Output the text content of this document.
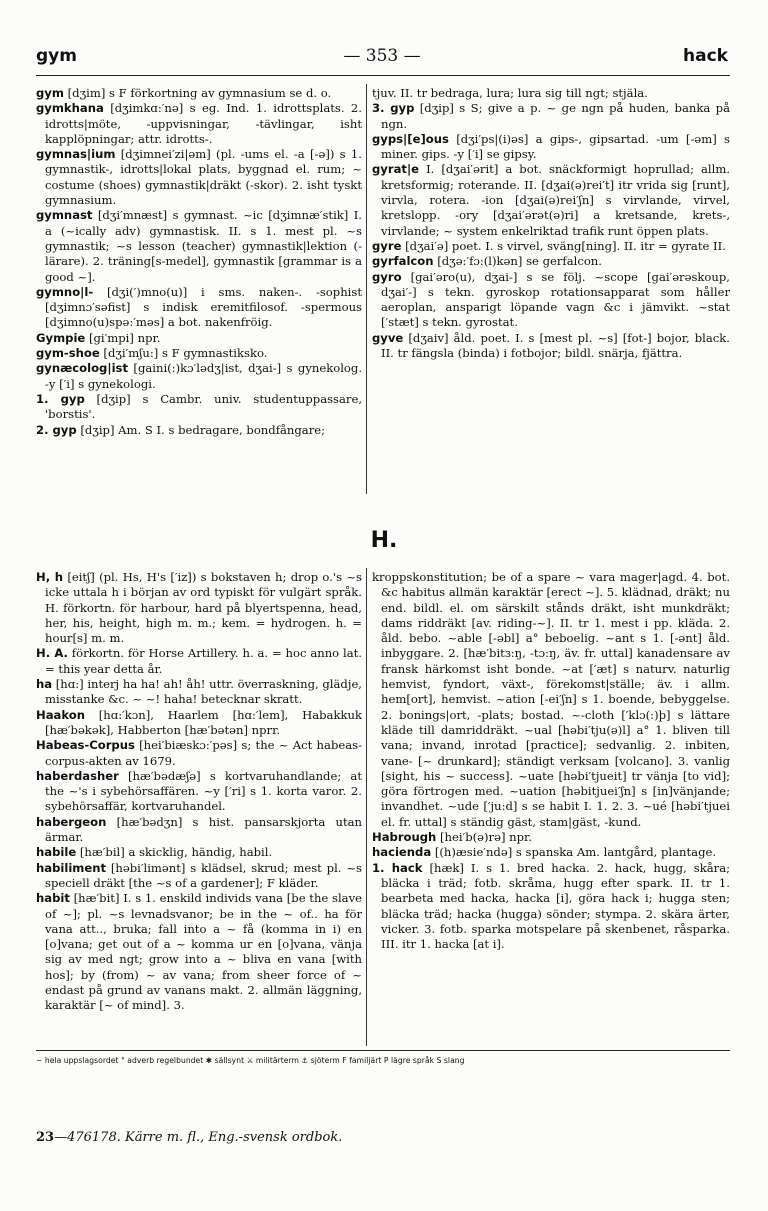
gym	— 353 —	hack

gym [dʒim] s F förkortning av gymnasium se d. o.

gymkhana [dʒimkɑ:′nə] s eg. Ind. 1. idrottsplats. 2. idrotts|möte, -uppvisningar, -tävlingar, isht kapplöpningar; attr. idrotts-.

gymnas|ium [dʒimnei′zi|əm] (pl. -ums el. -a [-ə]) s 1. gymnastik-, idrotts|lokal plats, byggnad el. rum; ~ costume (shoes) gymnastik|dräkt (-skor). 2. isht tyskt gymnasium.

gymnast [dʒi′mnæst] s gymnast. ~ic [dʒimnæ′stik] I. a (~ically adv) gymnastisk. II. s 1. mest pl. ~s gymnastik; ~s lesson (teacher) gymnastik|lektion (-lärare). 2. träning[s-medel], gymnastik [grammar is a good ~].

gymno|l- [dʒi(′)mno(u)] i sms. naken-. -sophist [dʒimnɔ′səfist] s indisk eremitfilosof. -spermous [dʒimno(u)spə:′məs] a bot. nakenfröig.

Gympie [gi′mpi] npr.

gym-shoe [dʒi′mʃu:] s F gymnastiksko.

gynæcolog|ist [gaini(:)kɔ′lədʒ|ist, dʒai-] s gynekolog. -y [′i] s gynekologi.

1. gyp [dʒip] s Cambr. univ. studentuppassare, 'borstis'.

2. gyp [dʒip] Am. S I. s bedragare, bondfångare;

tjuv. II. tr bedraga, lura; lura sig till ngt; stjäla.

3. gyp [dʒip] s S; give a p. ~ ge ngn på huden, banka på ngn.

gyps|[e]ous [dʒi′ps|(i)əs] a gips-, gipsartad. -um [-əm] s miner. gips. -y [′i] se gipsy.

gyrat|e I. [dʒai′ərit] a bot. snäckformigt hoprullad; allm. kretsformig; roterande. II. [dʒai(ə)rei′t] itr vrida sig [runt], virvla, rotera. -ion [dʒai(ə)rei′ʃn] s virvlande, virvel, kretslopp. -ory [dʒai′ərət(ə)ri] a kretsande, krets-, virvlande; ~ system enkelriktad trafik runt öppen plats.

gyre [dʒai′ə] poet. I. s virvel, sväng[ning]. II. itr = gyrate II.

gyrfalcon [dʒə:′fɔ:(l)kən] se gerfalcon.

gyro [gai′əro(u), dʒai-] s se följ. ~scope [gai′ərəskoup, dʒai′-] s tekn. gyroskop rotationsapparat som håller aeroplan, ansparigt löpande vagn &c i jämvikt. ~stat [′stæt] s tekn. gyrostat.

gyve [dʒaiv] åld. poet. I. s [mest pl. ~s] [fot-] bojor, black. II. tr fängsla (binda) i fotbojor; bildl. snärja, fjättra.

H.

H, h [eitʃ] (pl. Hs, H's [′iz]) s bokstaven h; drop o.'s ~s icke uttala h i början av ord typiskt för vulgärt språk. H. förkortn. för harbour, hard på blyertspenna, head, her, his, height, high m. m.; kem. = hydrogen. h. = hour[s] m. m.

H. A. förkortn. för Horse Artillery. h. a. = hoc anno lat. = this year detta år.

ha [hɑ:] interj ha ha! ah! åh! uttr. överraskning, glädje, misstanke &c. ~ ~! haha! betecknar skratt.

Haakon [hɑ:′kɔn], Haarlem [hɑ:′lem], Habakkuk [hæ′bəkək], Habberton [hæ′bətən] nprr.

Habeas-Corpus [hei′biæskɔ:′pəs] s; the ~ Act habeas-corpus-akten av 1679.

haberdasher [hæ′bədæʃə] s kortvaruhandlande; at the ~'s i sybehörsaffären. ~y [′ri] s 1. korta varor. 2. sybehörsaffär, kortvaruhandel.

habergeon [hæ′bədʒn] s hist. pansarskjorta utan ärmar.

habile [hæ′bil] a skicklig, händig, habil.

habiliment [həbi′limənt] s klädsel, skrud; mest pl. ~s speciell dräkt [the ~s of a gardener]; F kläder.

habit [hæ′bit] I. s 1. enskild individs vana [be the slave of ~]; pl. ~s levnadsvanor; be in the ~ of.. ha för vana att.., bruka; fall into a ~ få (komma in i) en [o]vana; get out of a ~ komma ur en [o]vana, vänja sig av med ngt; grow into a ~ bliva en vana [with hos]; by (from) ~ av vana; from sheer force of ~ endast på grund av vanans makt. 2. allmän läggning, karaktär [~ of mind]. 3.

kroppskonstitution; be of a spare ~ vara mager|agd. 4. bot. &c habitus allmän karaktär [erect ~]. 5. klädnad, dräkt; nu end. bildl. el. om särskilt stånds dräkt, isht munkdräkt; dams riddräkt [av. riding-~]. II. tr 1. mest i pp. kläda. 2. åld. bebo. ~able [-əbl] a° beboelig. ~ant s 1. [-ənt] åld. inbyggare. 2. [hæ′bitɜ:ŋ, -tɔ:ŋ, äv. fr. uttal] kanadensare av fransk härkomst isht bonde. ~at [′æt] s naturv. naturlig hemvist, fyndort, växt-, förekomst|ställe; äv. i allm. hem[ort], hemvist. ~ation [-ei′ʃn] s 1. boende, bebyggelse. 2. bonings|ort, -plats; bostad. ~-cloth [′klɔ(:)þ] s lättare kläde till damriddräkt. ~ual [həbi′tju(ə)l] a° 1. bliven till vana; invand, inrotad [practice]; sedvanlig. 2. inbiten, vane- [~ drunkard]; ständigt verksam [volcano]. 3. vanlig [sight, his ~ success]. ~uate [həbi′tjueit] tr vänja [to vid]; göra förtrogen med. ~uation [həbitjuei′ʃn] s [in]vänjande; invandhet. ~ude [′ju:d] s se habit I. 1. 2. 3. ~ué [həbi′tjuei el. fr. uttal] s ständig gäst, stam|gäst, -kund.

Habrough [hei′b(ə)rə] npr.

hacienda [(h)æsie′ndə] s spanska Am. lantgård, plantage.

1. hack [hæk] I. s 1. bred hacka. 2. hack, hugg, skåra; bläcka i träd; fotb. skråma, hugg efter spark. II. tr 1. bearbeta med hacka, hacka [i], göra hack i; hugga sten; bläcka träd; hacka (hugga) sönder; stympa. 2. skära ärter, vicker. 3. fotb. sparka motspelare på skenbenet, råsparka. III. itr 1. hacka [at i].

~ hela uppslagsordet ° adverb regelbundet ✱ sällsynt ⚔ militärterm ⚓ sjöterm F familjärt P lägre språk S slang
23—476178. Kärre m. fl., Eng.-svensk ordbok.
